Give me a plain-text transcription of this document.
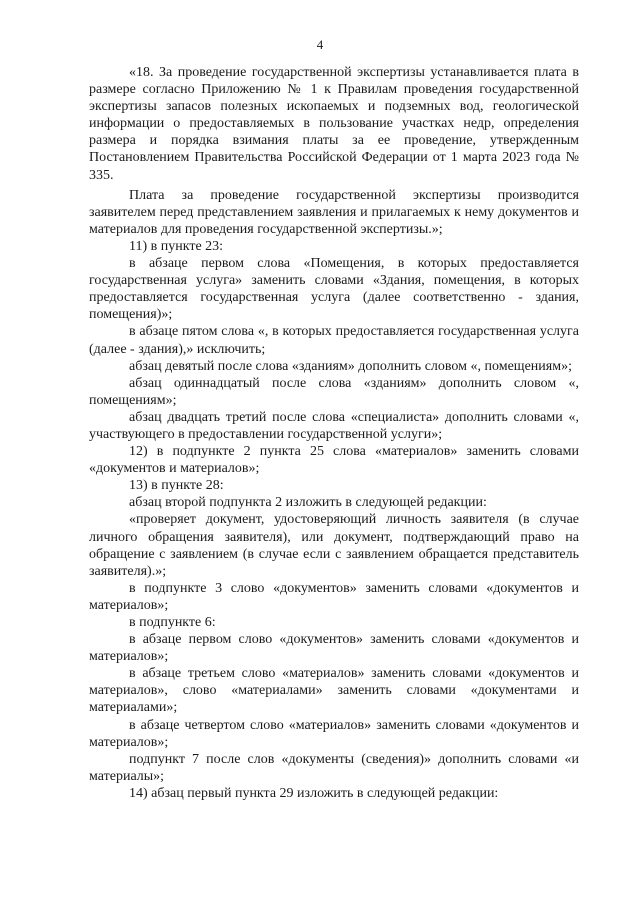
4

«18. За проведение государственной экспертизы устанавливается плата в размере согласно Приложению № 1 к Правилам проведения государственной экспертизы запасов полезных ископаемых и подземных вод, геологической информации о предоставляемых в пользование участках недр, определения размера и порядка взимания платы за ее проведение, утвержденным Постановлением Правительства Российской Федерации от 1 марта 2023 года № 335.

Плата за проведение государственной экспертизы производится заявителем перед представлением заявления и прилагаемых к нему документов и материалов для проведения государственной экспертизы.»;

11) в пункте 23:

в абзаце первом слова «Помещения, в которых предоставляется государственная услуга» заменить словами «Здания, помещения, в которых предоставляется государственная услуга (далее соответственно - здания, помещения)»;

в абзаце пятом слова «, в которых предоставляется государственная услуга (далее - здания),» исключить;

абзац девятый после слова «зданиям» дополнить словом «, помещениям»;

абзац одиннадцатый после слова «зданиям» дополнить словом «, помещениям»;

абзац двадцать третий после слова «специалиста» дополнить словами «, участвующего в предоставлении государственной услуги»;

12) в подпункте 2 пункта 25 слова «материалов» заменить словами «документов и материалов»;

13) в пункте 28:

абзац второй подпункта 2 изложить в следующей редакции:

«проверяет документ, удостоверяющий личность заявителя (в случае личного обращения заявителя), или документ, подтверждающий право на обращение с заявлением (в случае если с заявлением обращается представитель заявителя).»;

в подпункте 3 слово «документов» заменить словами «документов и материалов»;

в подпункте 6:

в абзаце первом слово «документов» заменить словами «документов и материалов»;

в абзаце третьем слово «материалов» заменить словами «документов и материалов», слово «материалами» заменить словами «документами и материалами»;

в абзаце четвертом слово «материалов» заменить словами «документов и материалов»;

подпункт 7 после слов «документы (сведения)» дополнить словами «и материалы»;

14) абзац первый пункта 29 изложить в следующей редакции:
